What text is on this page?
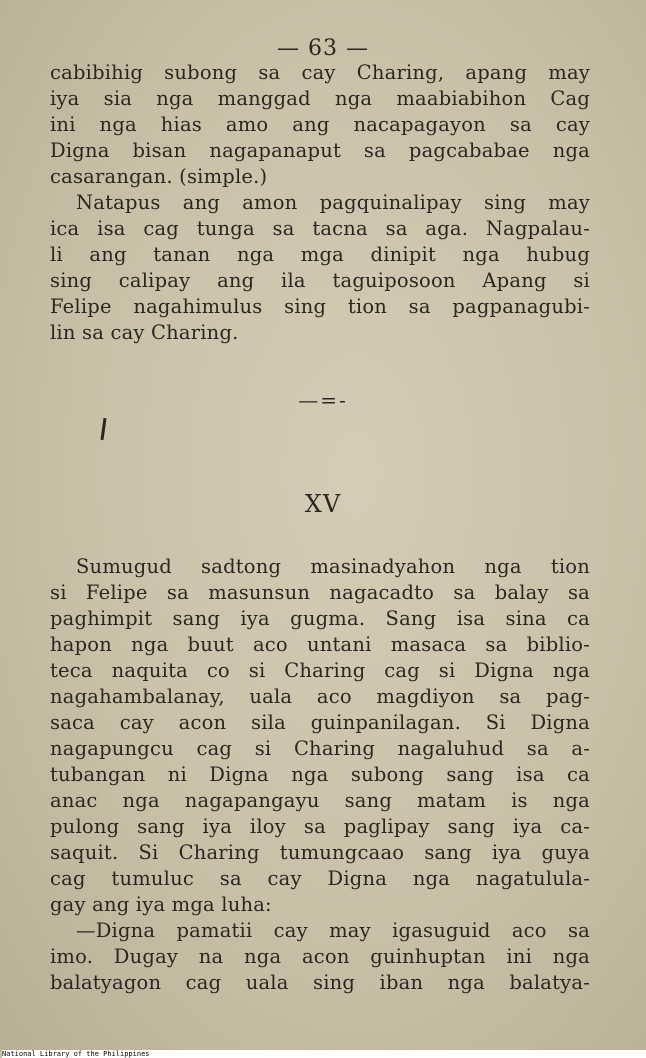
— 63 —
cabibihig subong sa cay Charing, apang may
iya sia nga manggad nga maabiabihon Cag
ini nga hias amo ang nacapagayon sa cay
Digna bisan nagapanaput sa pagcababae nga
casarangan. (simple.)
Natapus ang amon pagquinalipay sing may
ica isa cag tunga sa tacna sa aga. Nagpalau-
li ang tanan nga mga dinipit nga hubug
sing calipay ang ila taguiposoon Apang si
Felipe nagahimulus sing tion sa pagpanagubi-
lin sa cay Charing.
—=-
XV
Sumugud sadtong masinadyahon nga tion
si Felipe sa masunsun nagacadto sa balay sa
paghimpit sang iya gugma. Sang isa sina ca
hapon nga buut aco untani masaca sa biblio-
teca naquita co si Charing cag si Digna nga
nagahambalanay, uala aco magdiyon sa pag-
saca cay acon sila guinpanilagan. Si Digna
nagapungcu cag si Charing nagaluhud sa a-
tubangan ni Digna nga subong sang isa ca
anac nga nagapangayu sang matam is nga
pulong sang iya iloy sa paglipay sang iya ca-
saquit. Si Charing tumungcaao sang iya guya
cag tumuluc sa cay Digna nga nagatulula-
gay ang iya mga luha:
—Digna pamatii cay may igasuguid aco sa
imo. Dugay na nga acon guinhuptan ini nga
balatyagon cag uala sing iban nga balatya-
National Library of the Philippines
